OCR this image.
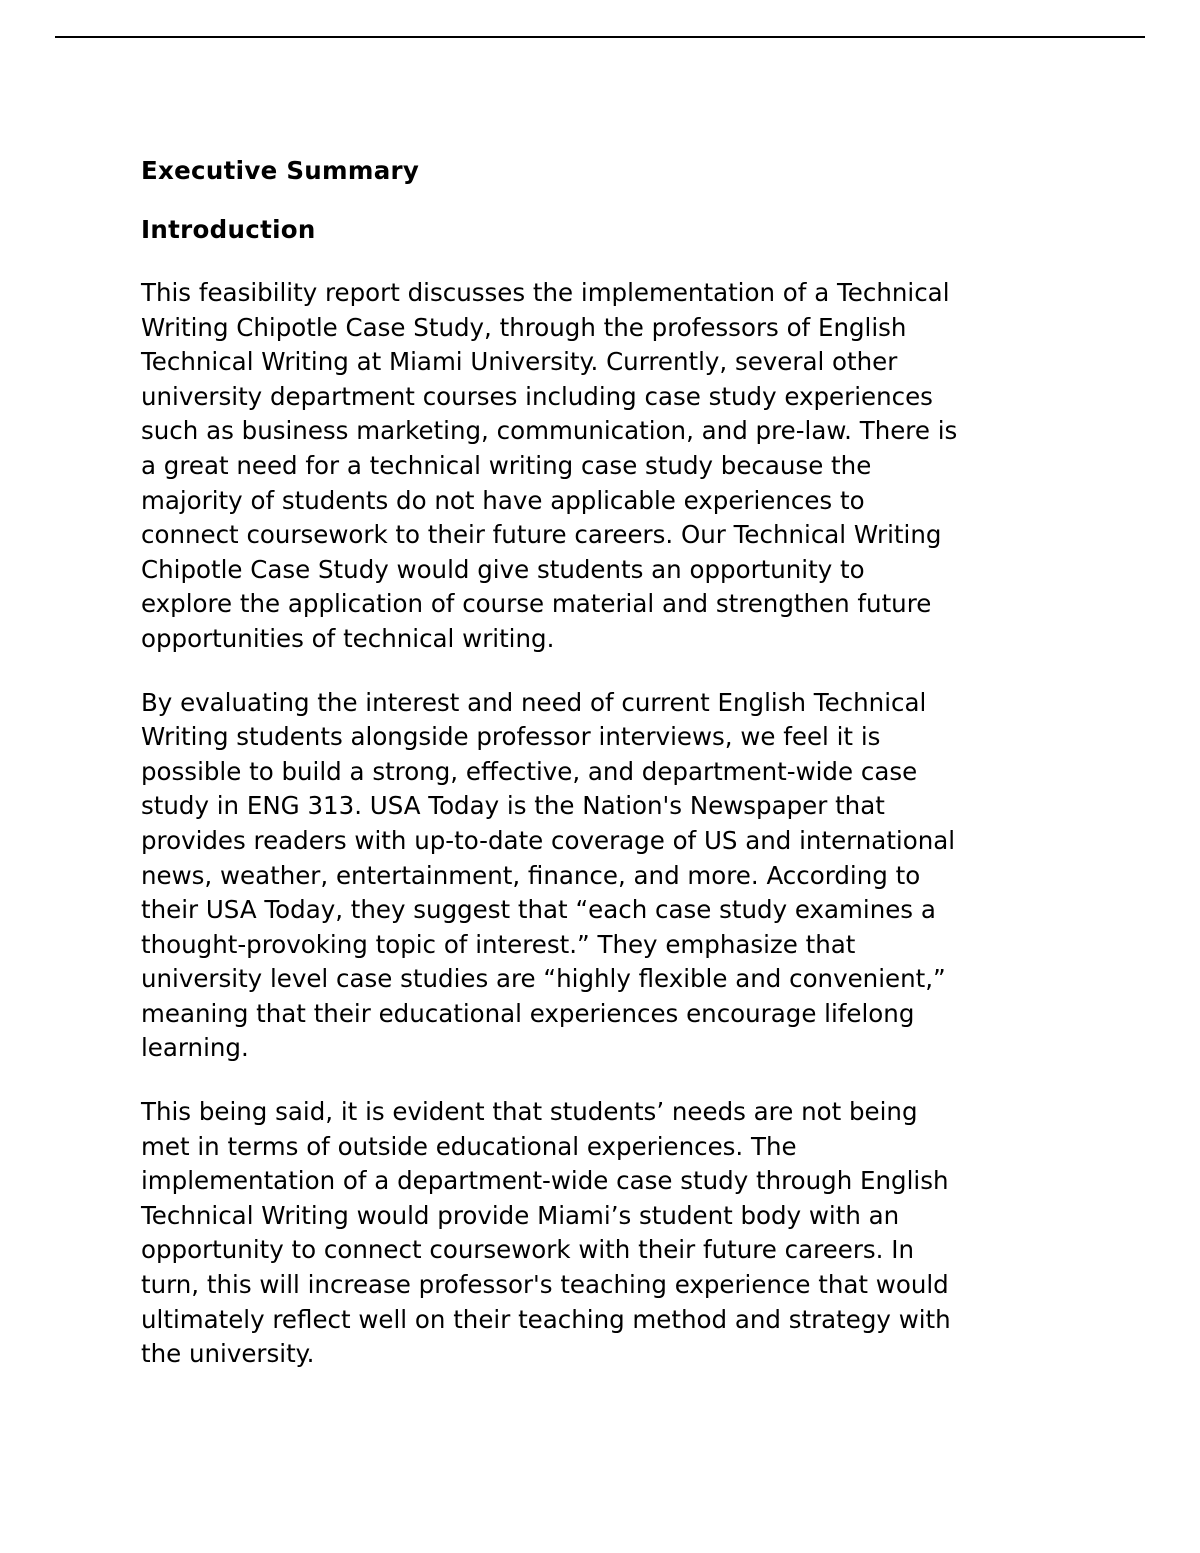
Executive Summary
Introduction

This feasibility report discusses the implementation of a Technical
Writing Chipotle Case Study, through the professors of English
Technical Writing at Miami University. Currently, several other
university department courses including case study experiences
such as business marketing, communication, and pre-law. There is
a great need for a technical writing case study because the
majority of students do not have applicable experiences to
connect coursework to their future careers. Our Technical Writing
Chipotle Case Study would give students an opportunity to
explore the application of course material and strengthen future
opportunities of technical writing.

By evaluating the interest and need of current English Technical
Writing students alongside professor interviews, we feel it is
possible to build a strong, effective, and department-wide case
study in ENG 313. USA Today is the Nation's Newspaper that
provides readers with up-to-date coverage of US and international
news, weather, entertainment, finance, and more. According to
their USA Today, they suggest that “each case study examines a
thought-provoking topic of interest.” They emphasize that
university level case studies are “highly flexible and convenient,”
meaning that their educational experiences encourage lifelong
learning.

This being said, it is evident that students’ needs are not being
met in terms of outside educational experiences. The
implementation of a department-wide case study through English
Technical Writing would provide Miami’s student body with an
opportunity to connect coursework with their future careers. In
turn, this will increase professor's teaching experience that would
ultimately reflect well on their teaching method and strategy with
the university.
